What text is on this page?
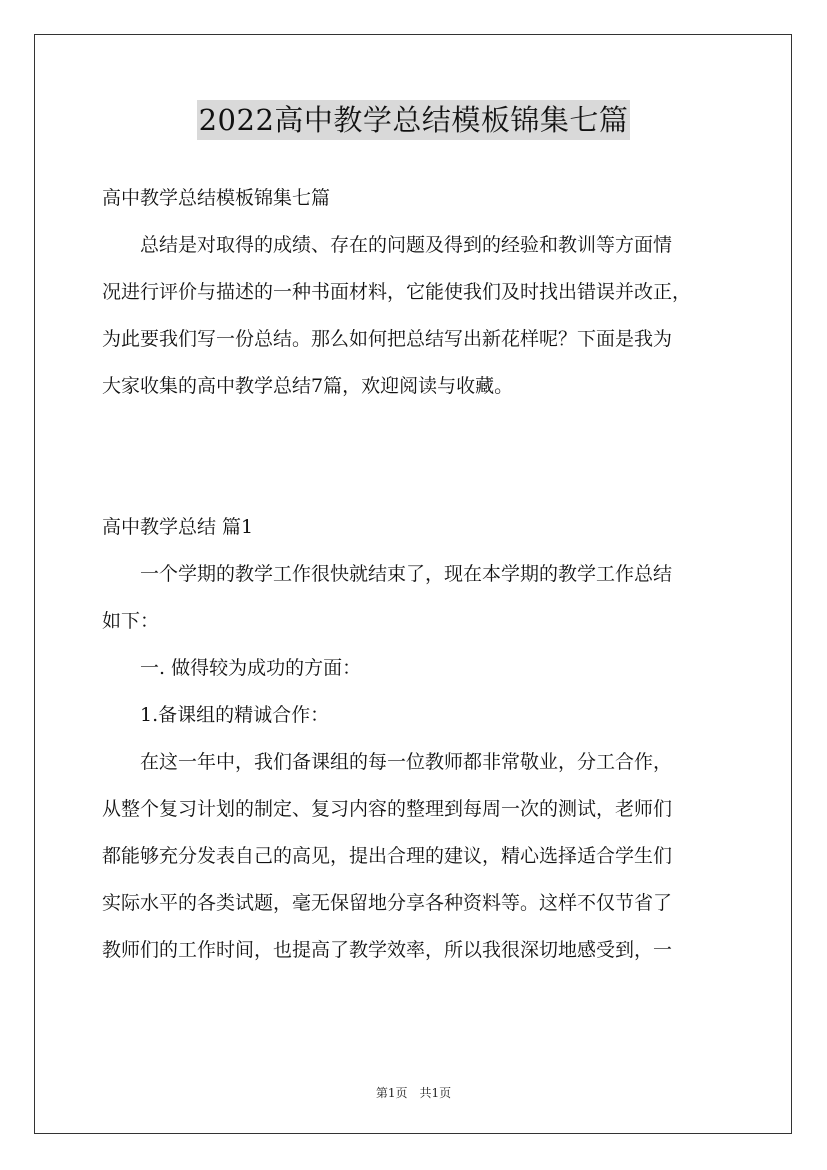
2022高中教学总结模板锦集七篇

高中教学总结模板锦集七篇

总结是对取得的成绩、存在的问题及得到的经验和教训等方面情

况进行评价与描述的一种书面材料，它能使我们及时找出错误并改正，

为此要我们写一份总结。那么如何把总结写出新花样呢？下面是我为

大家收集的高中教学总结7篇，欢迎阅读与收藏。

高中教学总结 篇1

一个学期的教学工作很快就结束了，现在本学期的教学工作总结

如下：

一. 做得较为成功的方面：

1.备课组的精诚合作：

在这一年中，我们备课组的每一位教师都非常敬业，分工合作，

从整个复习计划的制定、复习内容的整理到每周一次的测试，老师们

都能够充分发表自己的高见，提出合理的建议，精心选择适合学生们

实际水平的各类试题，毫无保留地分享各种资料等。这样不仅节省了

教师们的工作时间，也提高了教学效率，所以我很深切地感受到，一

第1页　共1页
